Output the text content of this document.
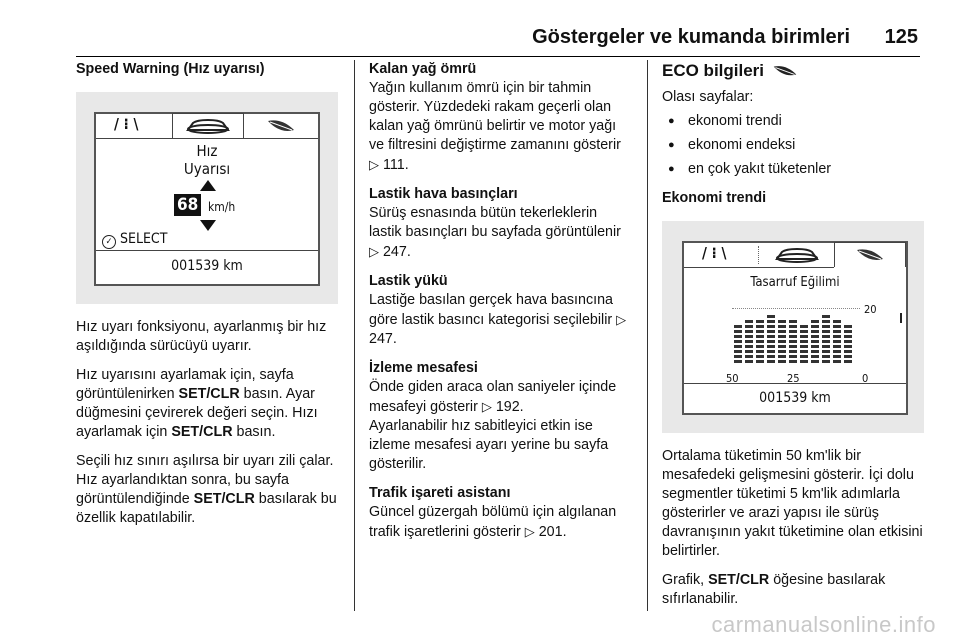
Göstergeler ve kumanda birimleri 125
Speed Warning (Hız uyarısı)
/ ⁝ \
Hız
Uyarısı
68 km/h
✓ SELECT
001539 km

Hız uyarı fonksiyonu, ayarlanmış bir hız aşıldığında sürücüyü uyarır.

Hız uyarısını ayarlamak için, sayfa görüntülenirken SET/CLR basın. Ayar düğmesini çevirerek değeri seçin. Hızı ayarlamak için SET/CLR basın.

Seçili hız sınırı aşılırsa bir uyarı zili çalar. Hız ayarlandıktan sonra, bu sayfa görüntülendiğinde SET/CLR basılarak bu özellik kapatılabilir.

Kalan yağ ömrü

Yağın kullanım ömrü için bir tahmin gösterir. Yüzdedeki rakam geçerli olan kalan yağ ömrünü belirtir ve motor yağı ve filtresini değiştirme zamanını gösterir ▷ 111.

Lastik hava basınçları

Sürüş esnasında bütün tekerleklerin lastik basınçları bu sayfada görüntülenir ▷ 247.

Lastik yükü

Lastiğe basılan gerçek hava basıncına göre lastik basıncı kategorisi seçilebilir ▷ 247.

İzleme mesafesi

Önde giden araca olan saniyeler içinde mesafeyi gösterir ▷ 192.

Ayarlanabilir hız sabitleyici etkin ise izleme mesafesi ayarı yerine bu sayfa gösterilir.

Trafik işareti asistanı

Güncel güzergah bölümü için algılanan trafik işaretlerini gösterir ▷ 201.

ECO bilgileri

Olası sayfalar:

● ekonomi trendi
● ekonomi endeksi
● en çok yakıt tüketenler
Ekonomi trendi
/ ⁝ \
Tasarruf Eğilimi
20
50	25	0
001539 km

Ortalama tüketimin 50 km'lik bir mesafedeki gelişmesini gösterir. İçi dolu segmentler tüketimi 5 km'lik adımlarla gösterirler ve arazi yapısı ile sürüş davranışının yakıt tüketimine olan etkisini belirtirler.

Grafik, SET/CLR öğesine basılarak sıfırlanabilir.

carmanualsonline.info
